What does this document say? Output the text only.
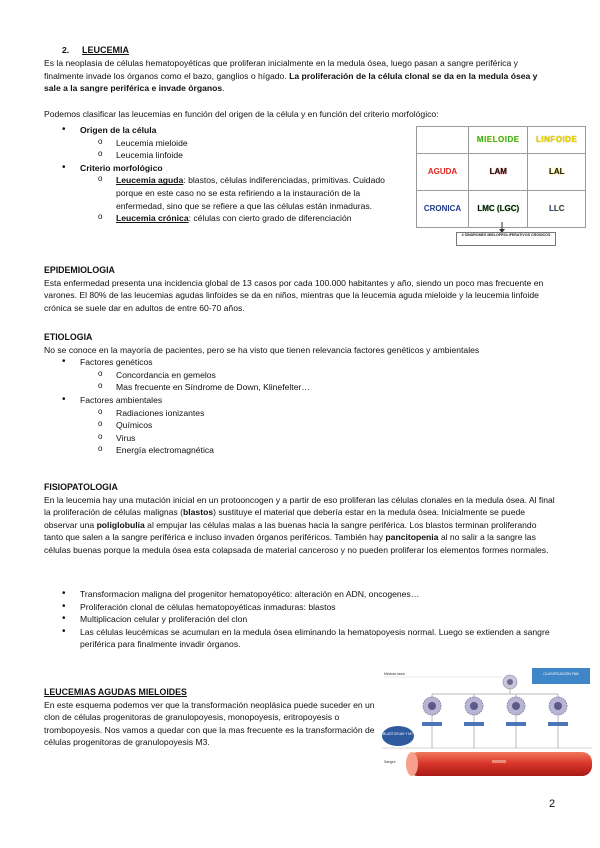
2. LEUCEMIA

Es la neoplasia de células hematopoyéticas que proliferan inicialmente en la medula ósea, luego pasan a sangre periférica y finalmente invade los órganos como el bazo, ganglios o hígado. La proliferación de la célula clonal se da en la medula ósea y sale a la sangre periférica e invade órganos.

Podemos clasificar las leucemias en función del origen de la célula y en función del criterio morfológico:

• Origen de la célula
o Leucemia mieloide
o Leucemia linfoide
• Criterio morfológico
o Leucemia aguda: blastos, células indiferenciadas, primitivas. Cuidado porque en este caso no se esta refiriendo a la instauración de la enfermedad, sino que se refiere a que las células están inmaduras.
o Leucemia crónica: células con cierto grado de diferenciación
	MIELOIDE	LINFOIDE
AGUDA	LAM	LAL
CRONICA	LMC (LGC)	LLC
4 SÍNDROMES MIELOPROLIFERATIVOS CRÓNICOS
EPIDEMIOLOGIA

Esta enfermedad presenta una incidencia global de 13 casos por cada 100.000 habitantes y año, siendo un poco mas frecuente en varones. El 80% de las leucemias agudas linfoides se da en niños, mientras que la leucemia aguda mieloide y la leucemia linfoide crónica se suele dar en adultos de entre 60-70 años.

ETIOLOGIA

No se conoce en la mayoría de pacientes, pero se ha visto que tienen relevancia factores genéticos y ambientales

• Factores genéticos
o Concordancia en gemelos
o Mas frecuente en Síndrome de Down, Klinefelter…
• Factores ambientales
o Radiaciones ionizantes
o Químicos
o Virus
o Energía electromagnética
FISIOPATOLOGIA

En la leucemia hay una mutación inicial en un protooncogen y a partir de eso proliferan las células clonales en la medula ósea. Al final la proliferación de células malignas (blastos) sustituye el material que debería estar en la medula ósea. Inicialmente se puede observar una poliglobulia al empujar las células malas a las buenas hacia la sangre periférica. Los blastos terminan proliferando tanto que salen a la sangre periférica e incluso invaden órganos periféricos. También hay pancitopenia al no salir a la sangre las células buenas porque la medula ósea esta colapsada de material canceroso y no pueden proliferar los elementos formes normales.

• Transformacion maligna del progenitor hematopoyético: alteración en ADN, oncogenes…
• Proliferación clonal de células hematopoyéticas inmaduras: blastos
• Multiplicacion celular y proliferación del clon
• Las células leucémicas se acumulan en la medula ósea eliminando la hematopoyesis normal. Luego se extienden a sangre periférica para finalmente invadir órganos.
LEUCEMIAS AGUDAS MIELOIDES

En este esquema podemos ver que la transformación neoplásica puede suceder en un clon de células progenitoras de granulopoyesis, monopoyesis, eritropoyesis o trombopoyesis. Nos vamos a quedar con que la mas frecuente es la transformación de células progenitoras de granulopoyesis M3.

Médula ósea	CLASIFICACIÓN FAB
BLASTOS M0 Y M7
Sangre
2
